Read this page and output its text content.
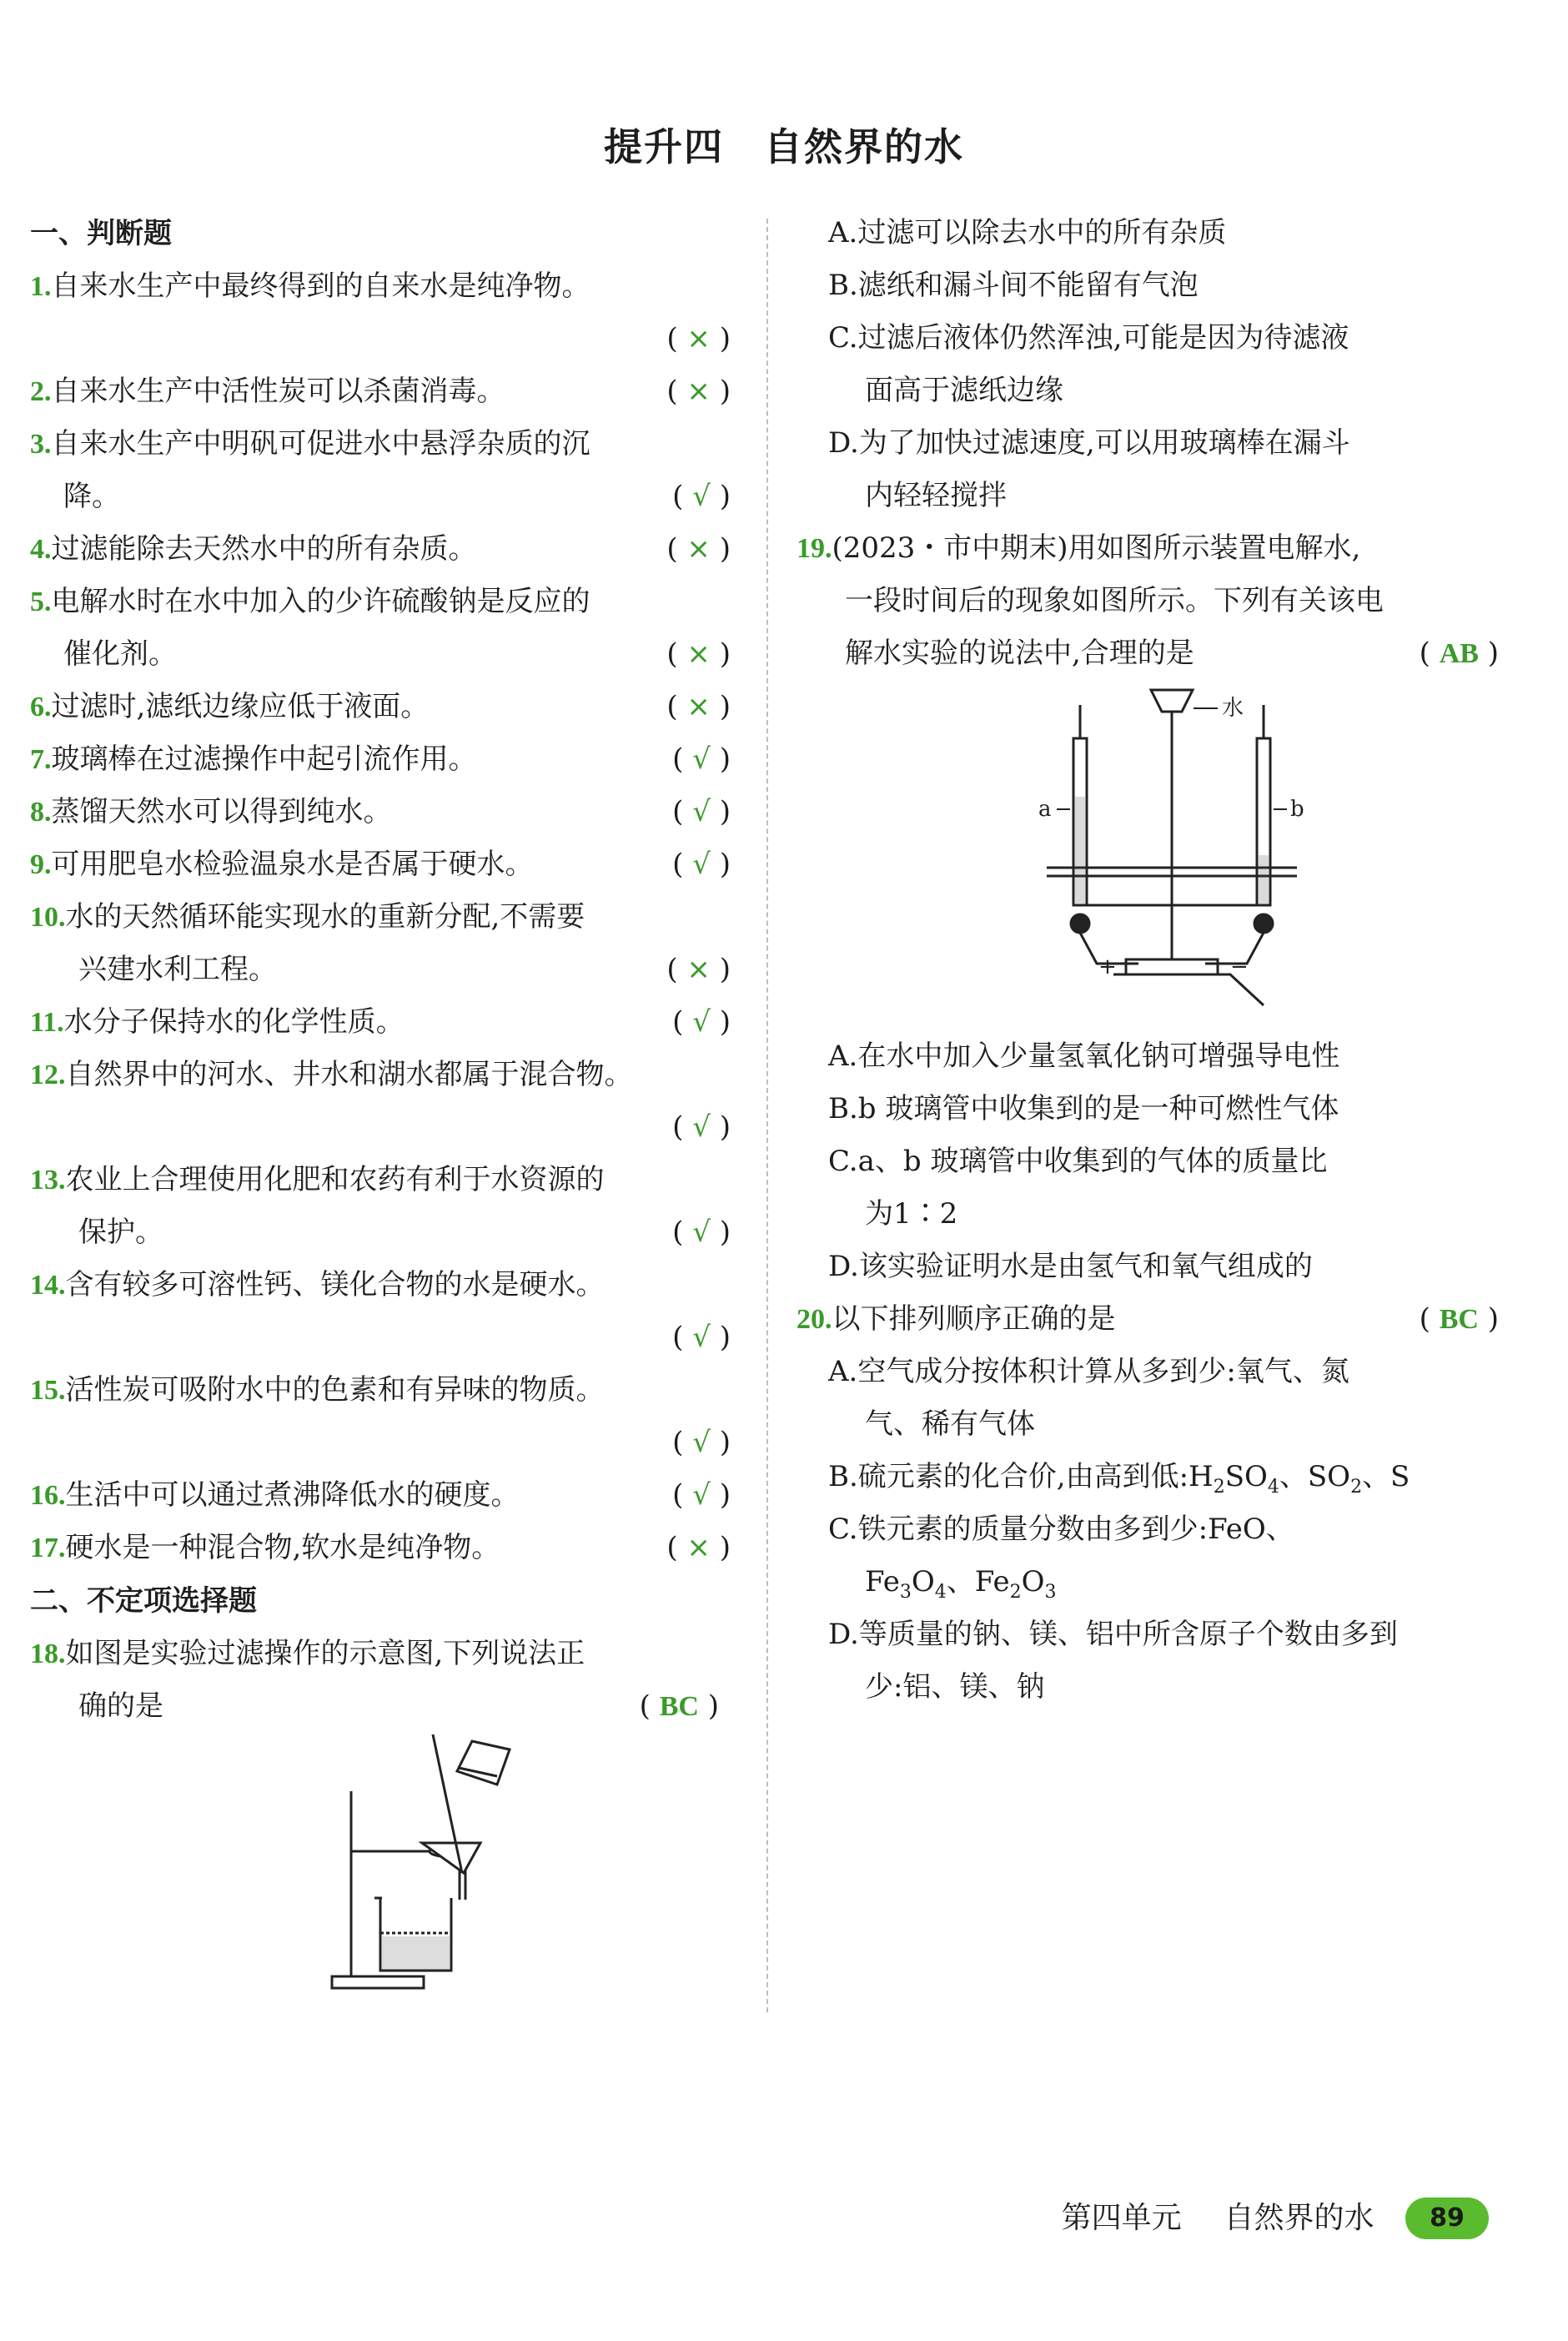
提升四　自然界的水
一、判断题
1.自来水生产中最终得到的自来水是纯净物。
( × )
2.自来水生产中活性炭可以杀菌消毒。	( × )
3.自来水生产中明矾可促进水中悬浮杂质的沉
降。	( √ )
4.过滤能除去天然水中的所有杂质。	( × )
5.电解水时在水中加入的少许硫酸钠是反应的
催化剂。	( × )
6.过滤时,滤纸边缘应低于液面。	( × )
7.玻璃棒在过滤操作中起引流作用。	( √ )
8.蒸馏天然水可以得到纯水。	( √ )
9.可用肥皂水检验温泉水是否属于硬水。	( √ )
10.水的天然循环能实现水的重新分配,不需要
兴建水利工程。	( × )
11.水分子保持水的化学性质。	( √ )
12.自然界中的河水、井水和湖水都属于混合物。
( √ )
13.农业上合理使用化肥和农药有利于水资源的
保护。	( √ )
14.含有较多可溶性钙、镁化合物的水是硬水。
( √ )
15.活性炭可吸附水中的色素和有异味的物质。
( √ )
16.生活中可以通过煮沸降低水的硬度。	( √ )
17.硬水是一种混合物,软水是纯净物。	( × )
二、不定项选择题
18.如图是实验过滤操作的示意图,下列说法正
确的是	( BC )
A.过滤可以除去水中的所有杂质
B.滤纸和漏斗间不能留有气泡
C.过滤后液体仍然浑浊,可能是因为待滤液
面高于滤纸边缘
D.为了加快过滤速度,可以用玻璃棒在漏斗
内轻轻搅拌
19.(2023・市中期末)用如图所示装置电解水,
一段时间后的现象如图所示。下列有关该电
解水实验的说法中,合理的是	( AB )
水
a	b
+	−
A.在水中加入少量氢氧化钠可增强导电性
B.b 玻璃管中收集到的是一种可燃性气体
C.a、b 玻璃管中收集到的气体的质量比
为1∶2
D.该实验证明水是由氢气和氧气组成的
20.以下排列顺序正确的是	( BC )
A.空气成分按体积计算从多到少:氧气、氮
气、稀有气体
B.硫元素的化合价,由高到低$:H_2SO_4$、$SO_2$、S
C.铁元素的质量分数由多到少:FeO、
$Fe_3O_4$、$Fe_2O_3$
D.等质量的钠、镁、铝中所含原子个数由多到
少:铝、镁、钠
第四单元 自然界的水 89
